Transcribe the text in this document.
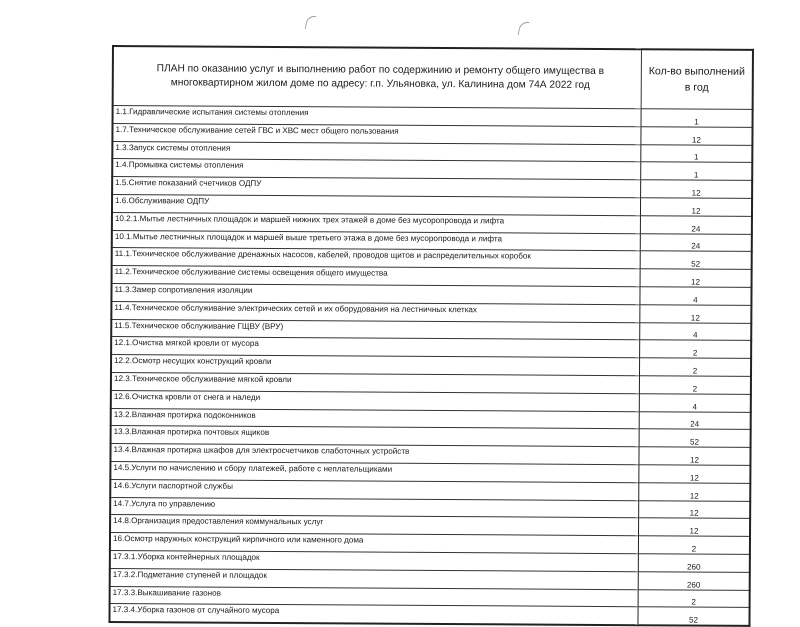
ПЛАН по оказанию услуг и выполнению работ по содержинию и ремонту общего имущества в многоквартирном жилом доме по адресу: г.п. Ульяновка, ул. Калинина дом 74А 2022 год	Кол-во выполнений в год
1.1.Гидравлические испытания системы отопления	1
1.7.Техническое обслуживание сетей ГВС и ХВС мест общего пользования	12
1.3.Запуск системы отопления	1
1.4.Промывка системы отопления	1
1.5.Снятие показаний счетчиков ОДПУ	12
1.6.Обслуживание ОДПУ	12
10.2.1.Мытье лестничных площадок и маршей нижних трех этажей в доме без мусоропровода и лифта	24
10.1.Мытье лестничных площадок и маршей выше третьего этажа в доме без мусоропровода и лифта	24
11.1.Техническое обслуживание дренажных насосов, кабелей, проводов щитов и распределительных коробок	52
11.2.Техническое обслуживание системы освещения общего имущества	12
11.3.Замер сопротивления изоляции	4
11.4.Техническое обслуживание электрических сетей и их оборудования на лестничных клетках	12
11.5.Техническое обслуживание ГЩВУ (ВРУ)	4
12.1.Очистка мягкой кровли от мусора	2
12.2.Осмотр несущих конструкций кровли	2
12.3.Техническое обслуживание мягкой кровли	2
12.6.Очистка кровли от снега и наледи	4
13.2.Влажная протирка подоконников	24
13.3.Влажная протирка почтовых ящиков	52
13.4.Влажная протирка шкафов для электросчетчиков слаботочных устройств	12
14.5.Услуги по начислению и сбору платежей, работе с неплательщиками	12
14.6.Услуги паспортной службы	12
14.7.Услуга по управлению	12
14.8.Организация предоставления коммунальных услуг	12
16.Осмотр наружных конструкций кирпичного или каменного дома	2
17.3.1.Уборка контейнерных площадок	260
17.3.2.Подметание ступеней и площадок	260
17.3.3.Выкашивание газонов	2
17.3.4.Уборка газонов от случайного мусора	52
